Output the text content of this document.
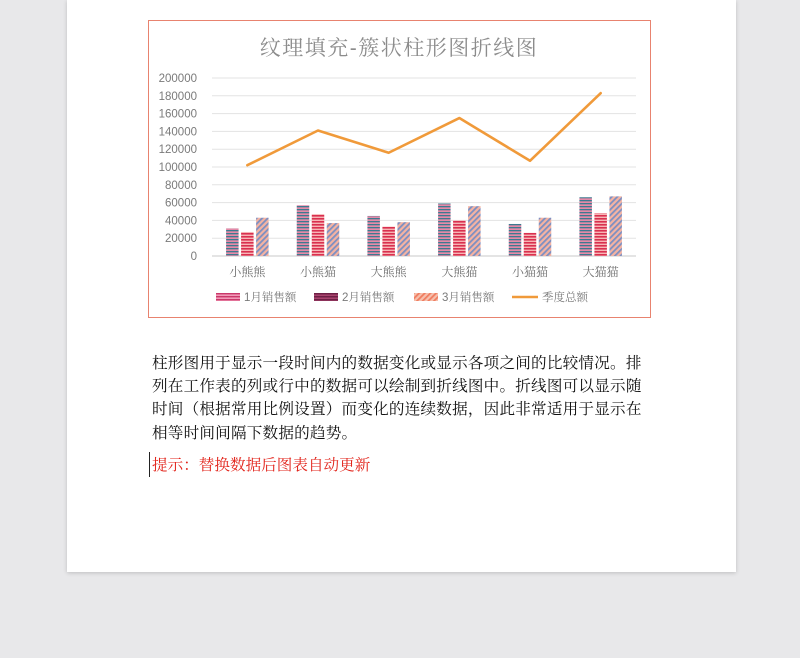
纹理填充-簇状柱形图折线图
0
20000
40000
60000
80000
100000
120000
140000
160000
180000
200000
小熊熊	小熊猫	大熊熊	大熊猫	小猫猫	大猫猫
1月销售额	2月销售额	3月销售额	季度总额

柱形图用于显示一段时间内的数据变化或显示各项之间的比较情况。排列在工作表的列或行中的数据可以绘制到折线图中。折线图可以显示随时间（根据常用比例设置）而变化的连续数据，因此非常适用于显示在相等时间间隔下数据的趋势。

提示：替换数据后图表自动更新
